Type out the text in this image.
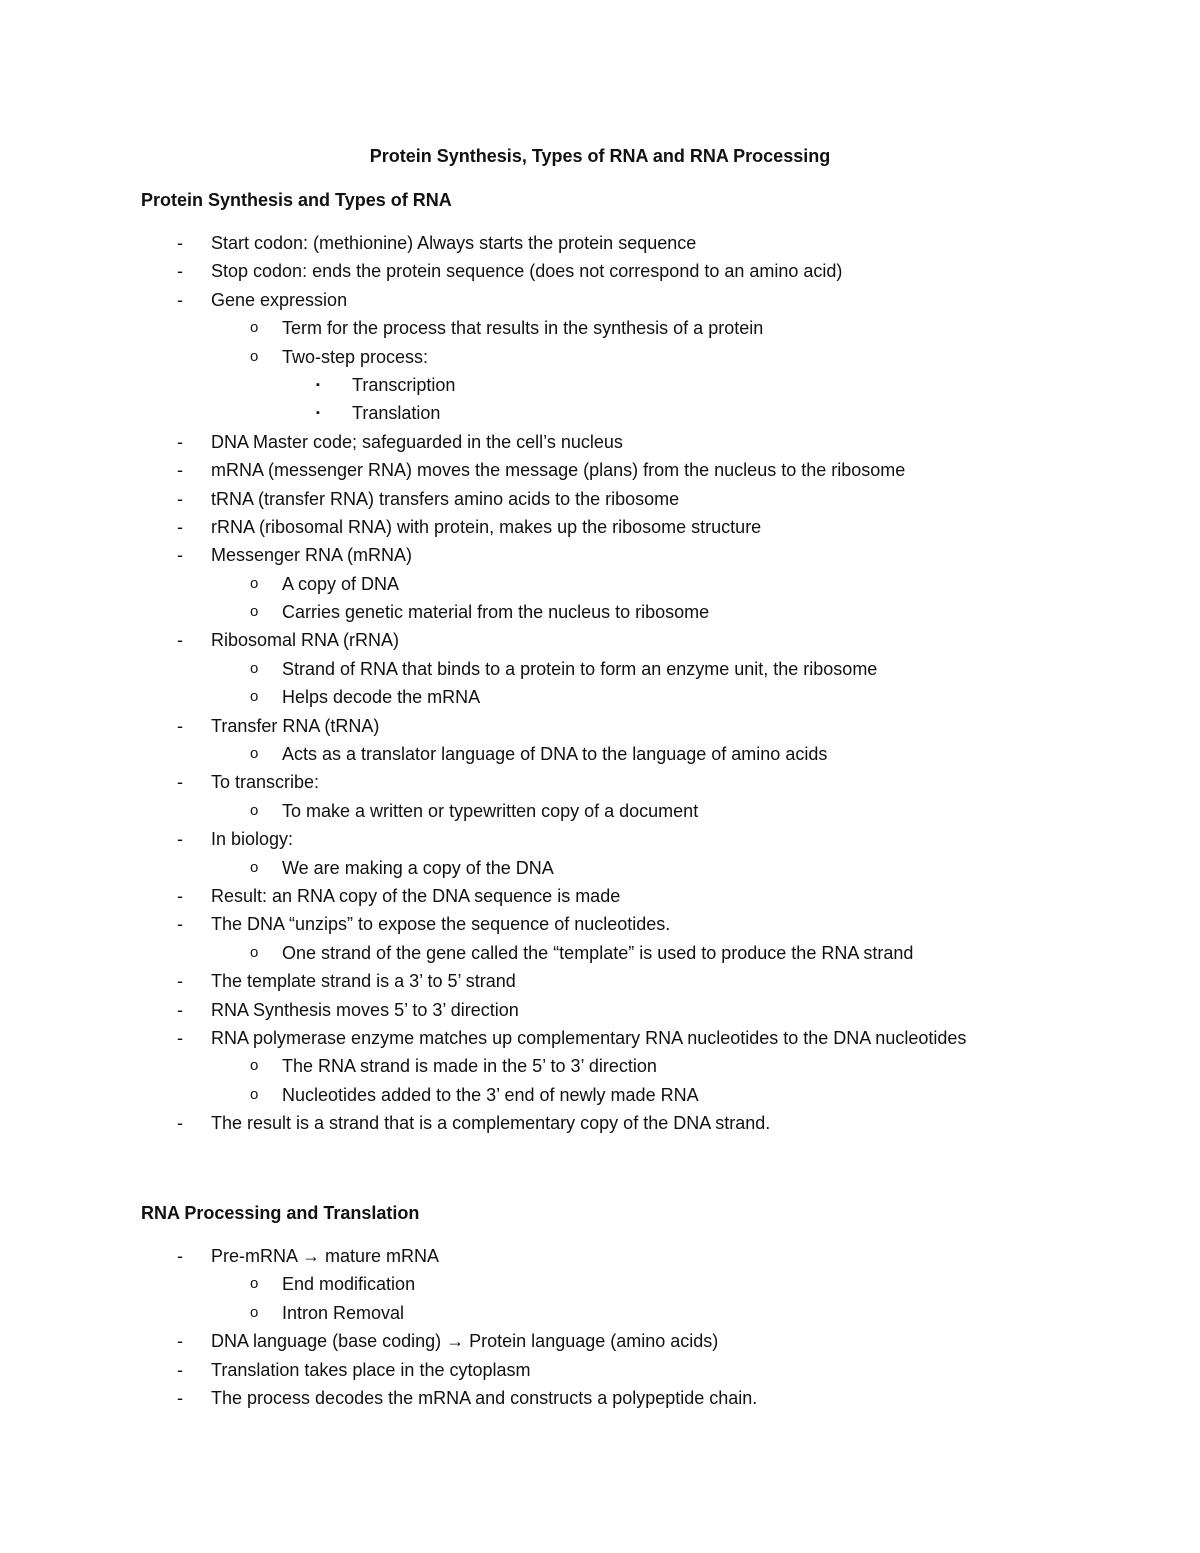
Protein Synthesis, Types of RNA and RNA Processing
Protein Synthesis and Types of RNA
- Start codon: (methionine) Always starts the protein sequence
- Stop codon: ends the protein sequence (does not correspond to an amino acid)
- Gene expression
o Term for the process that results in the synthesis of a protein
o Two-step process:
▪ Transcription
▪ Translation
- DNA Master code; safeguarded in the cell’s nucleus
- mRNA (messenger RNA) moves the message (plans) from the nucleus to the ribosome
- tRNA (transfer RNA) transfers amino acids to the ribosome
- rRNA (ribosomal RNA) with protein, makes up the ribosome structure
- Messenger RNA (mRNA)
o A copy of DNA
o Carries genetic material from the nucleus to ribosome
- Ribosomal RNA (rRNA)
o Strand of RNA that binds to a protein to form an enzyme unit, the ribosome
o Helps decode the mRNA
- Transfer RNA (tRNA)
o Acts as a translator language of DNA to the language of amino acids
- To transcribe:
o To make a written or typewritten copy of a document
- In biology:
o We are making a copy of the DNA
- Result: an RNA copy of the DNA sequence is made
- The DNA “unzips” to expose the sequence of nucleotides.
o One strand of the gene called the “template” is used to produce the RNA strand
- The template strand is a 3’ to 5’ strand
- RNA Synthesis moves 5’ to 3’ direction
- RNA polymerase enzyme matches up complementary RNA nucleotides to the DNA nucleotides
o The RNA strand is made in the 5’ to 3’ direction
o Nucleotides added to the 3’ end of newly made RNA
- The result is a strand that is a complementary copy of the DNA strand.
RNA Processing and Translation
- Pre-mRNA → mature mRNA
o End modification
o Intron Removal
- DNA language (base coding) → Protein language (amino acids)
- Translation takes place in the cytoplasm
- The process decodes the mRNA and constructs a polypeptide chain.
